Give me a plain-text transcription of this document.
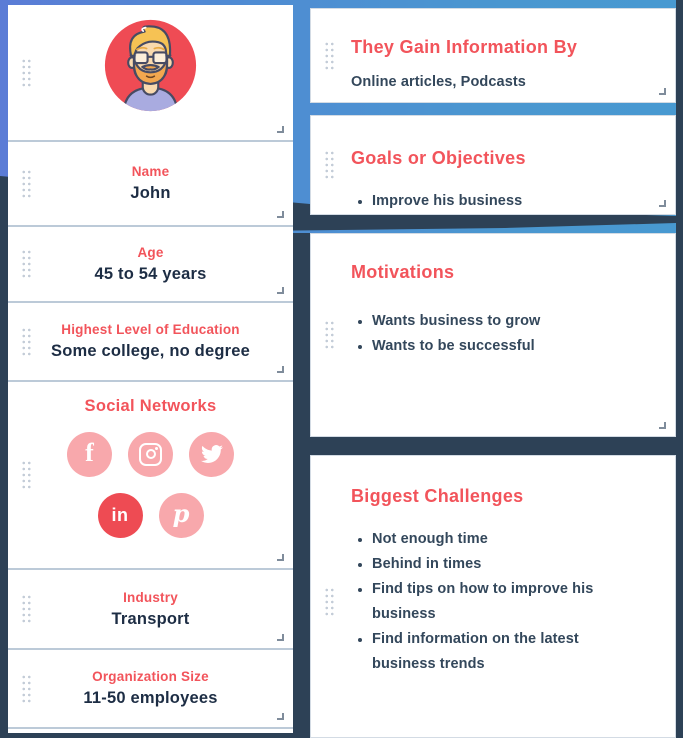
Name
John
Age
45 to 54 years
Highest Level of Education
Some college, no degree
Social Networks
f
in p
Industry
Transport
Organization Size
11-50 employees
They Gain Information By
Online articles, Podcasts
Goals or Objectives
• Improve his business
Motivations
• Wants business to grow
• Wants to be successful
Biggest Challenges
• Not enough time
• Behind in times
• Find tips on how to improve his business
• Find information on the latest business trends
